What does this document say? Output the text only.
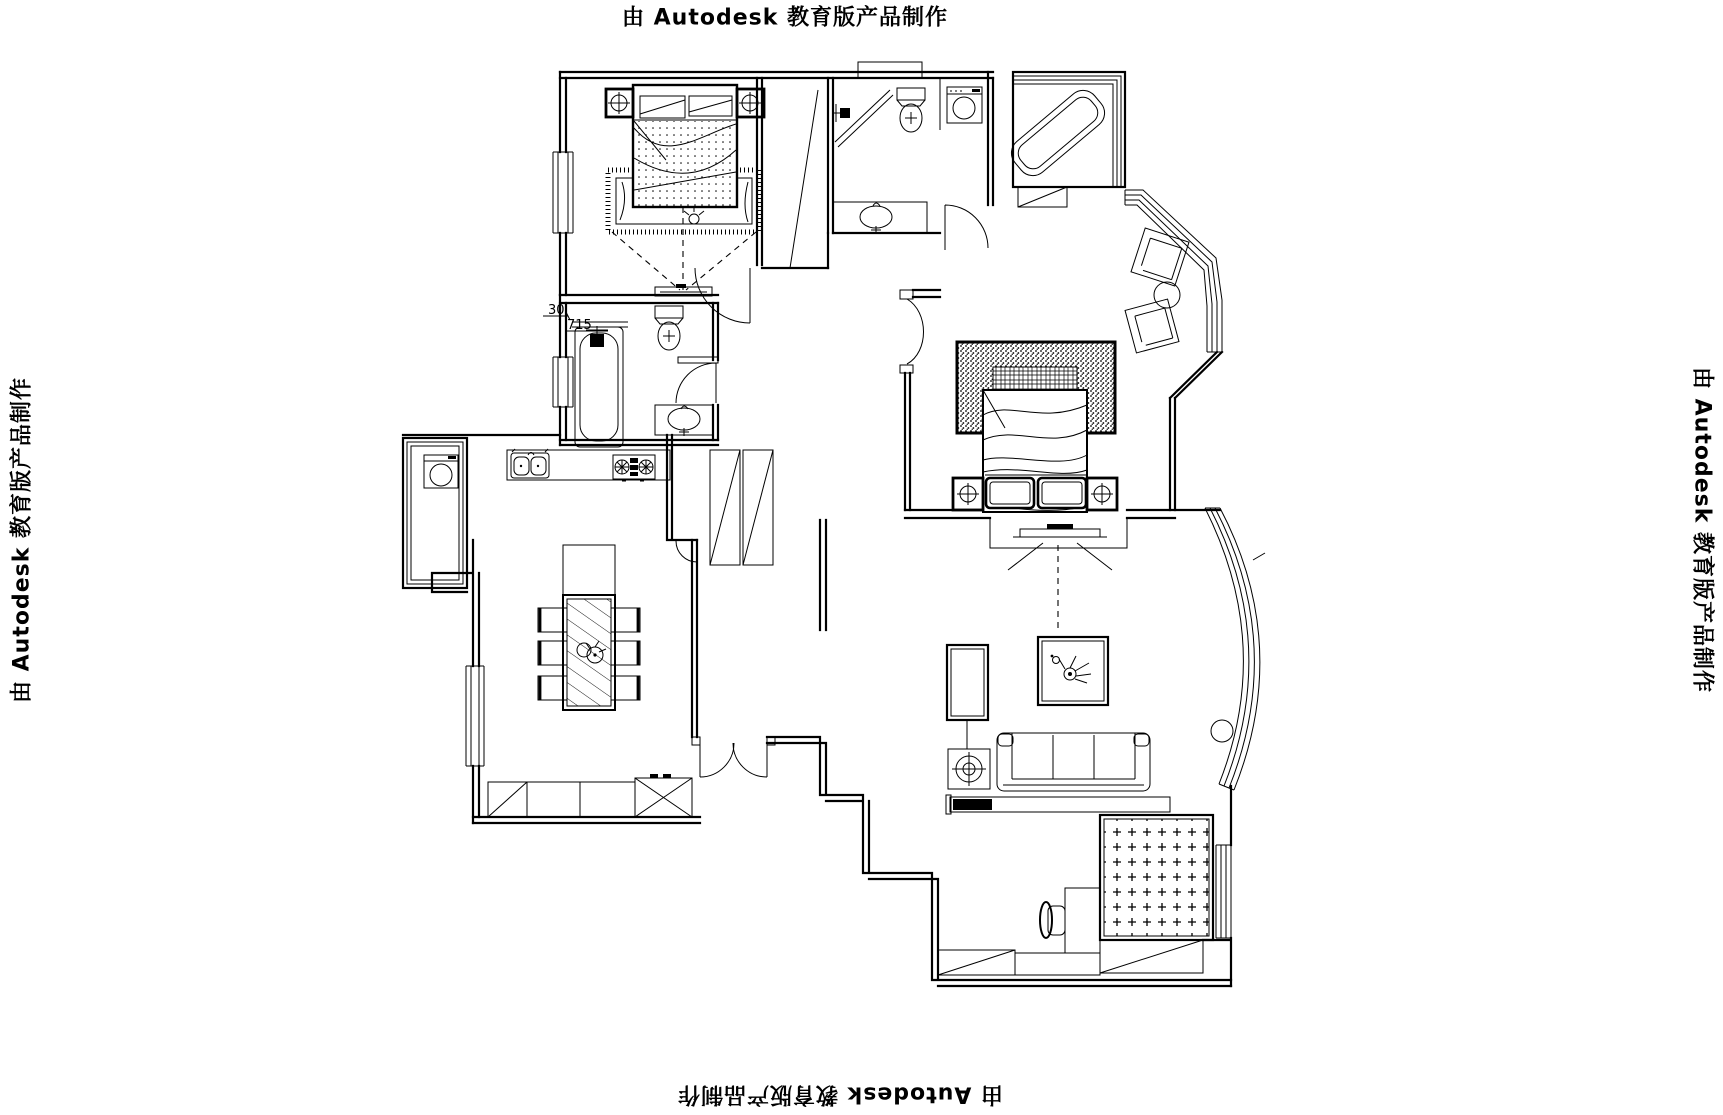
由 Autodesk 教育版产品制作
由 Autodesk 教育版产品制作	由 Autodesk 教育版产品制作
由 Autodesk 教育版产品制作
30
715
